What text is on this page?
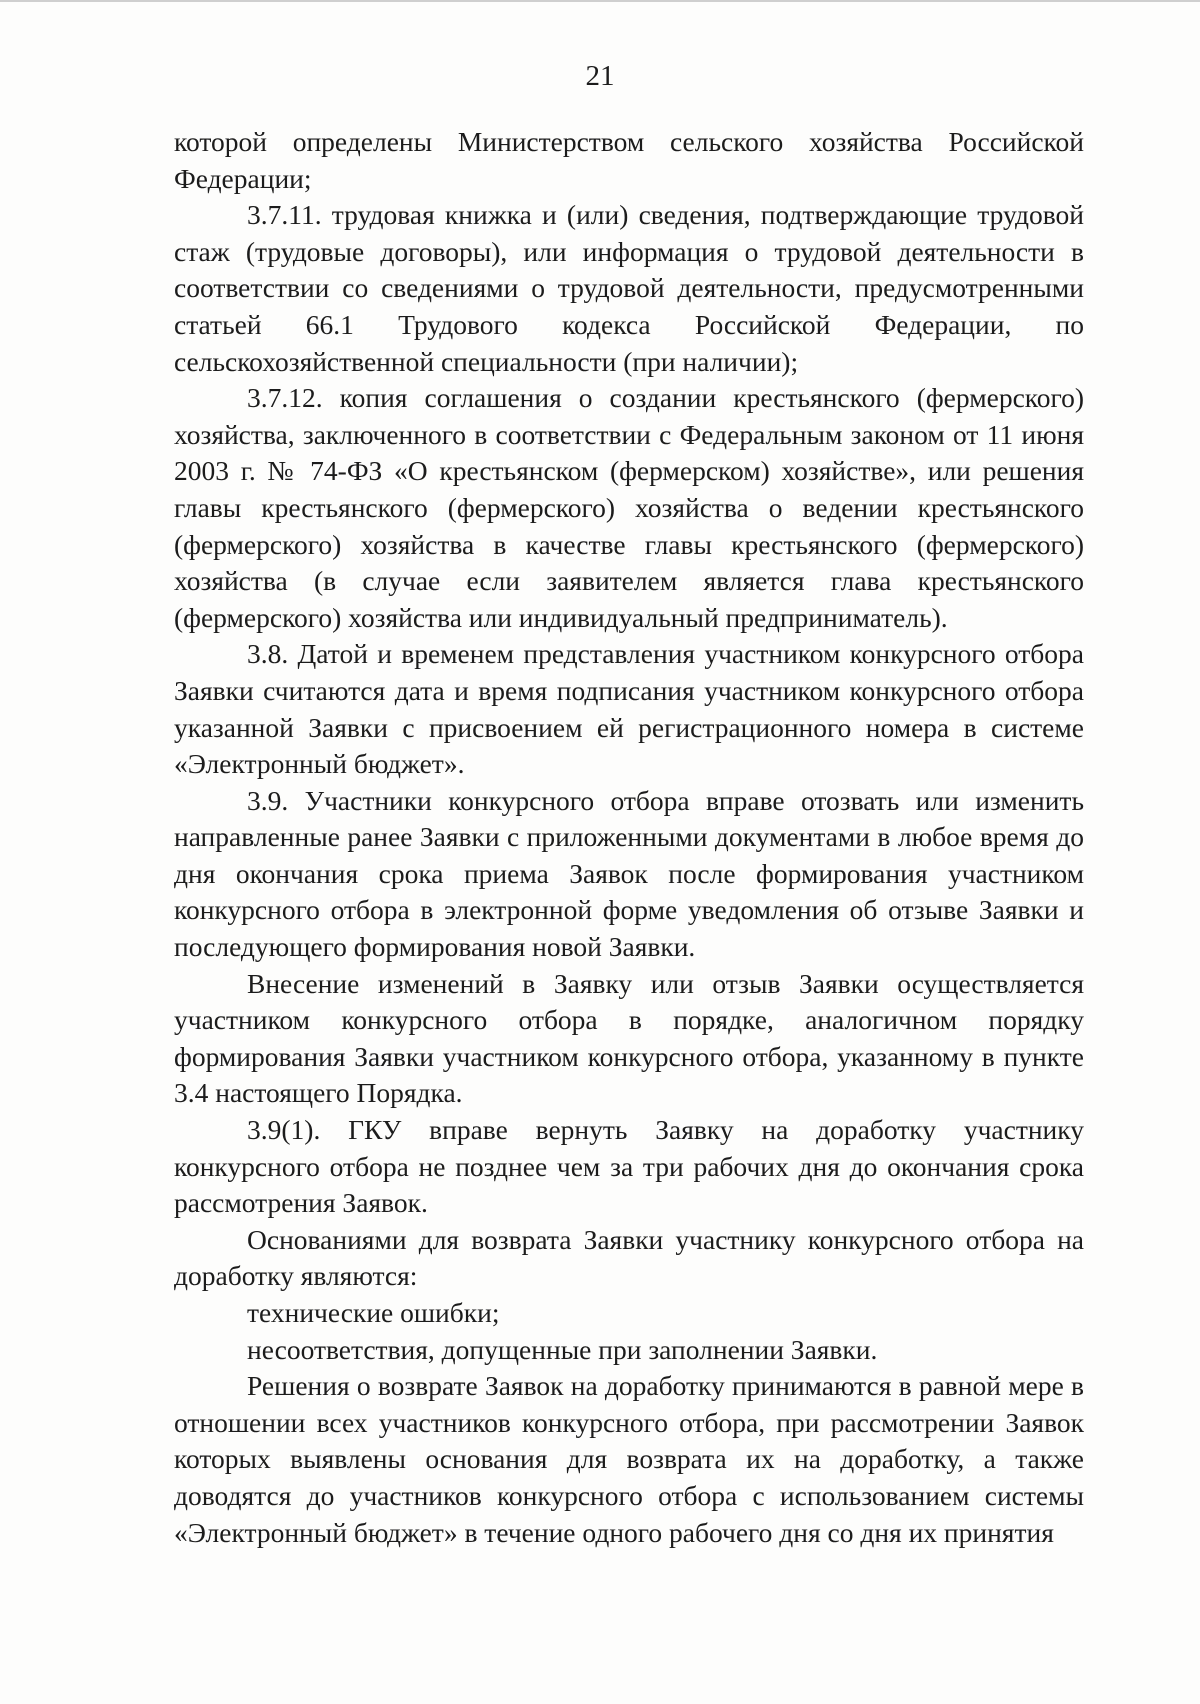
21

которой определены Министерством сельского хозяйства Российской Федерации;

3.7.11. трудовая книжка и (или) сведения, подтверждающие трудовой стаж (трудовые договоры), или информация о трудовой деятельности в соответствии со сведениями о трудовой деятельности, предусмотренными статьей 66.1 Трудового кодекса Российской Федерации, по сельскохозяйственной специальности (при наличии);

3.7.12. копия соглашения о создании крестьянского (фермерского) хозяйства, заключенного в соответствии с Федеральным законом от 11 июня 2003 г. № 74-ФЗ «О крестьянском (фермерском) хозяйстве», или решения главы крестьянского (фермерского) хозяйства о ведении крестьянского (фермерского) хозяйства в качестве главы крестьянского (фермерского) хозяйства (в случае если заявителем является глава крестьянского (фермерского) хозяйства или индивидуальный предприниматель).

3.8. Датой и временем представления участником конкурсного отбора Заявки считаются дата и время подписания участником конкурсного отбора указанной Заявки с присвоением ей регистрационного номера в системе «Электронный бюджет».

3.9. Участники конкурсного отбора вправе отозвать или изменить направленные ранее Заявки с приложенными документами в любое время до дня окончания срока приема Заявок после формирования участником конкурсного отбора в электронной форме уведомления об отзыве Заявки и последующего формирования новой Заявки.

Внесение изменений в Заявку или отзыв Заявки осуществляется участником конкурсного отбора в порядке, аналогичном порядку формирования Заявки участником конкурсного отбора, указанному в пункте 3.4 настоящего Порядка.

3.9(1). ГКУ вправе вернуть Заявку на доработку участнику конкурсного отбора не позднее чем за три рабочих дня до окончания срока рассмотрения Заявок.

Основаниями для возврата Заявки участнику конкурсного отбора на доработку являются:

технические ошибки;

несоответствия, допущенные при заполнении Заявки.

Решения о возврате Заявок на доработку принимаются в равной мере в отношении всех участников конкурсного отбора, при рассмотрении Заявок которых выявлены основания для возврата их на доработку, а также доводятся до участников конкурсного отбора с использованием системы «Электронный бюджет» в течение одного рабочего дня со дня их принятия
